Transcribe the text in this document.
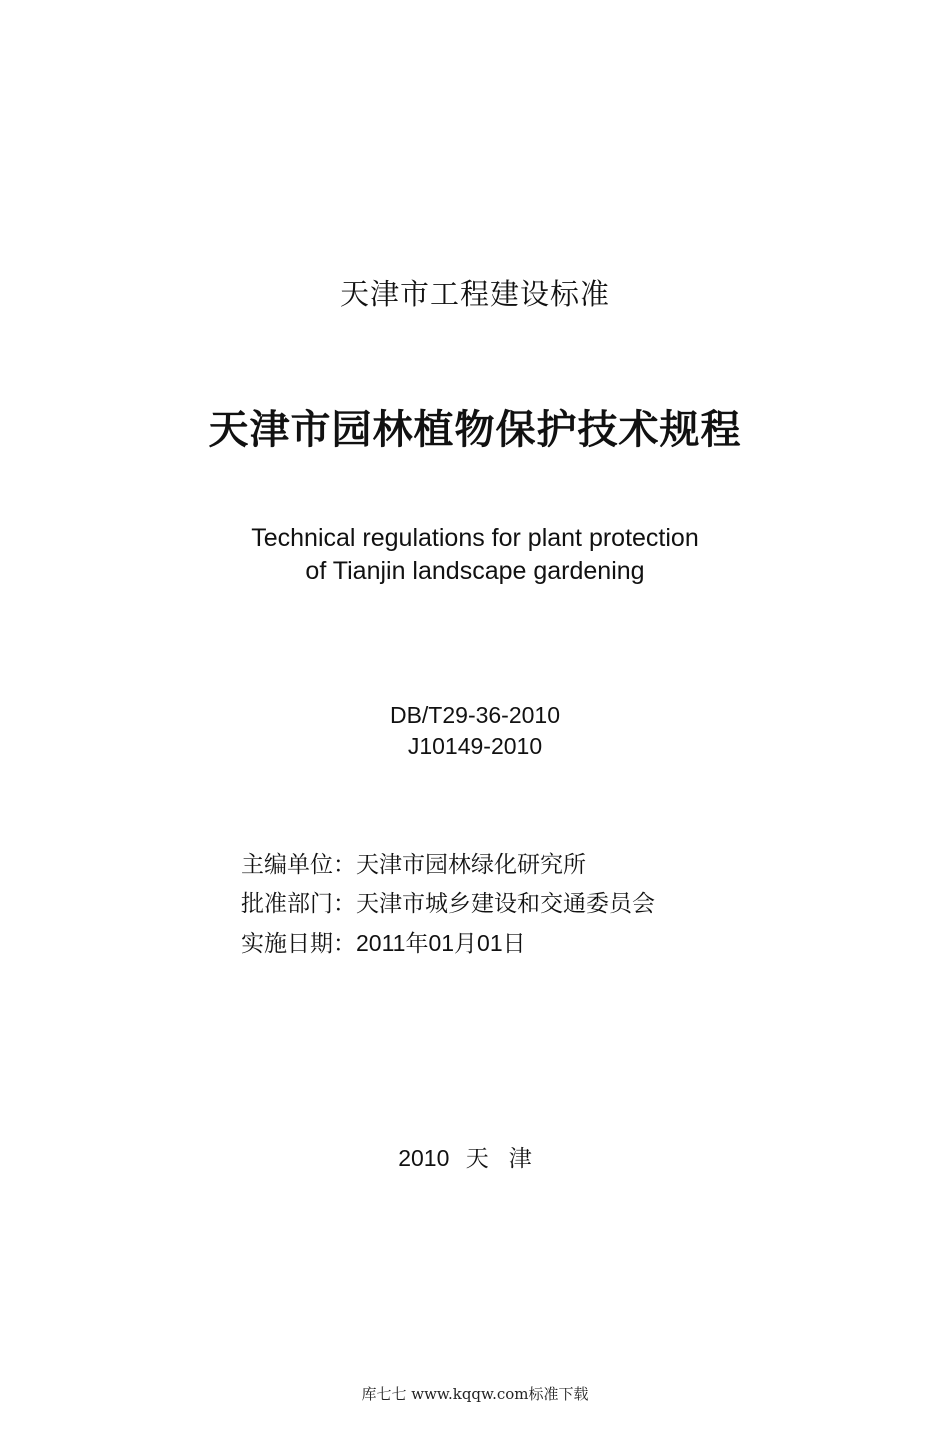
天津市工程建设标准
天津市园林植物保护技术规程
Technical regulations for plant protection
of Tianjin landscape gardening
DB/T29-36-2010
J10149-2010
主编单位：天津市园林绿化研究所
批准部门：天津市城乡建设和交通委员会
实施日期：2011年01月01日
2010 天津
库七七 www.kqqw.com标准下载
